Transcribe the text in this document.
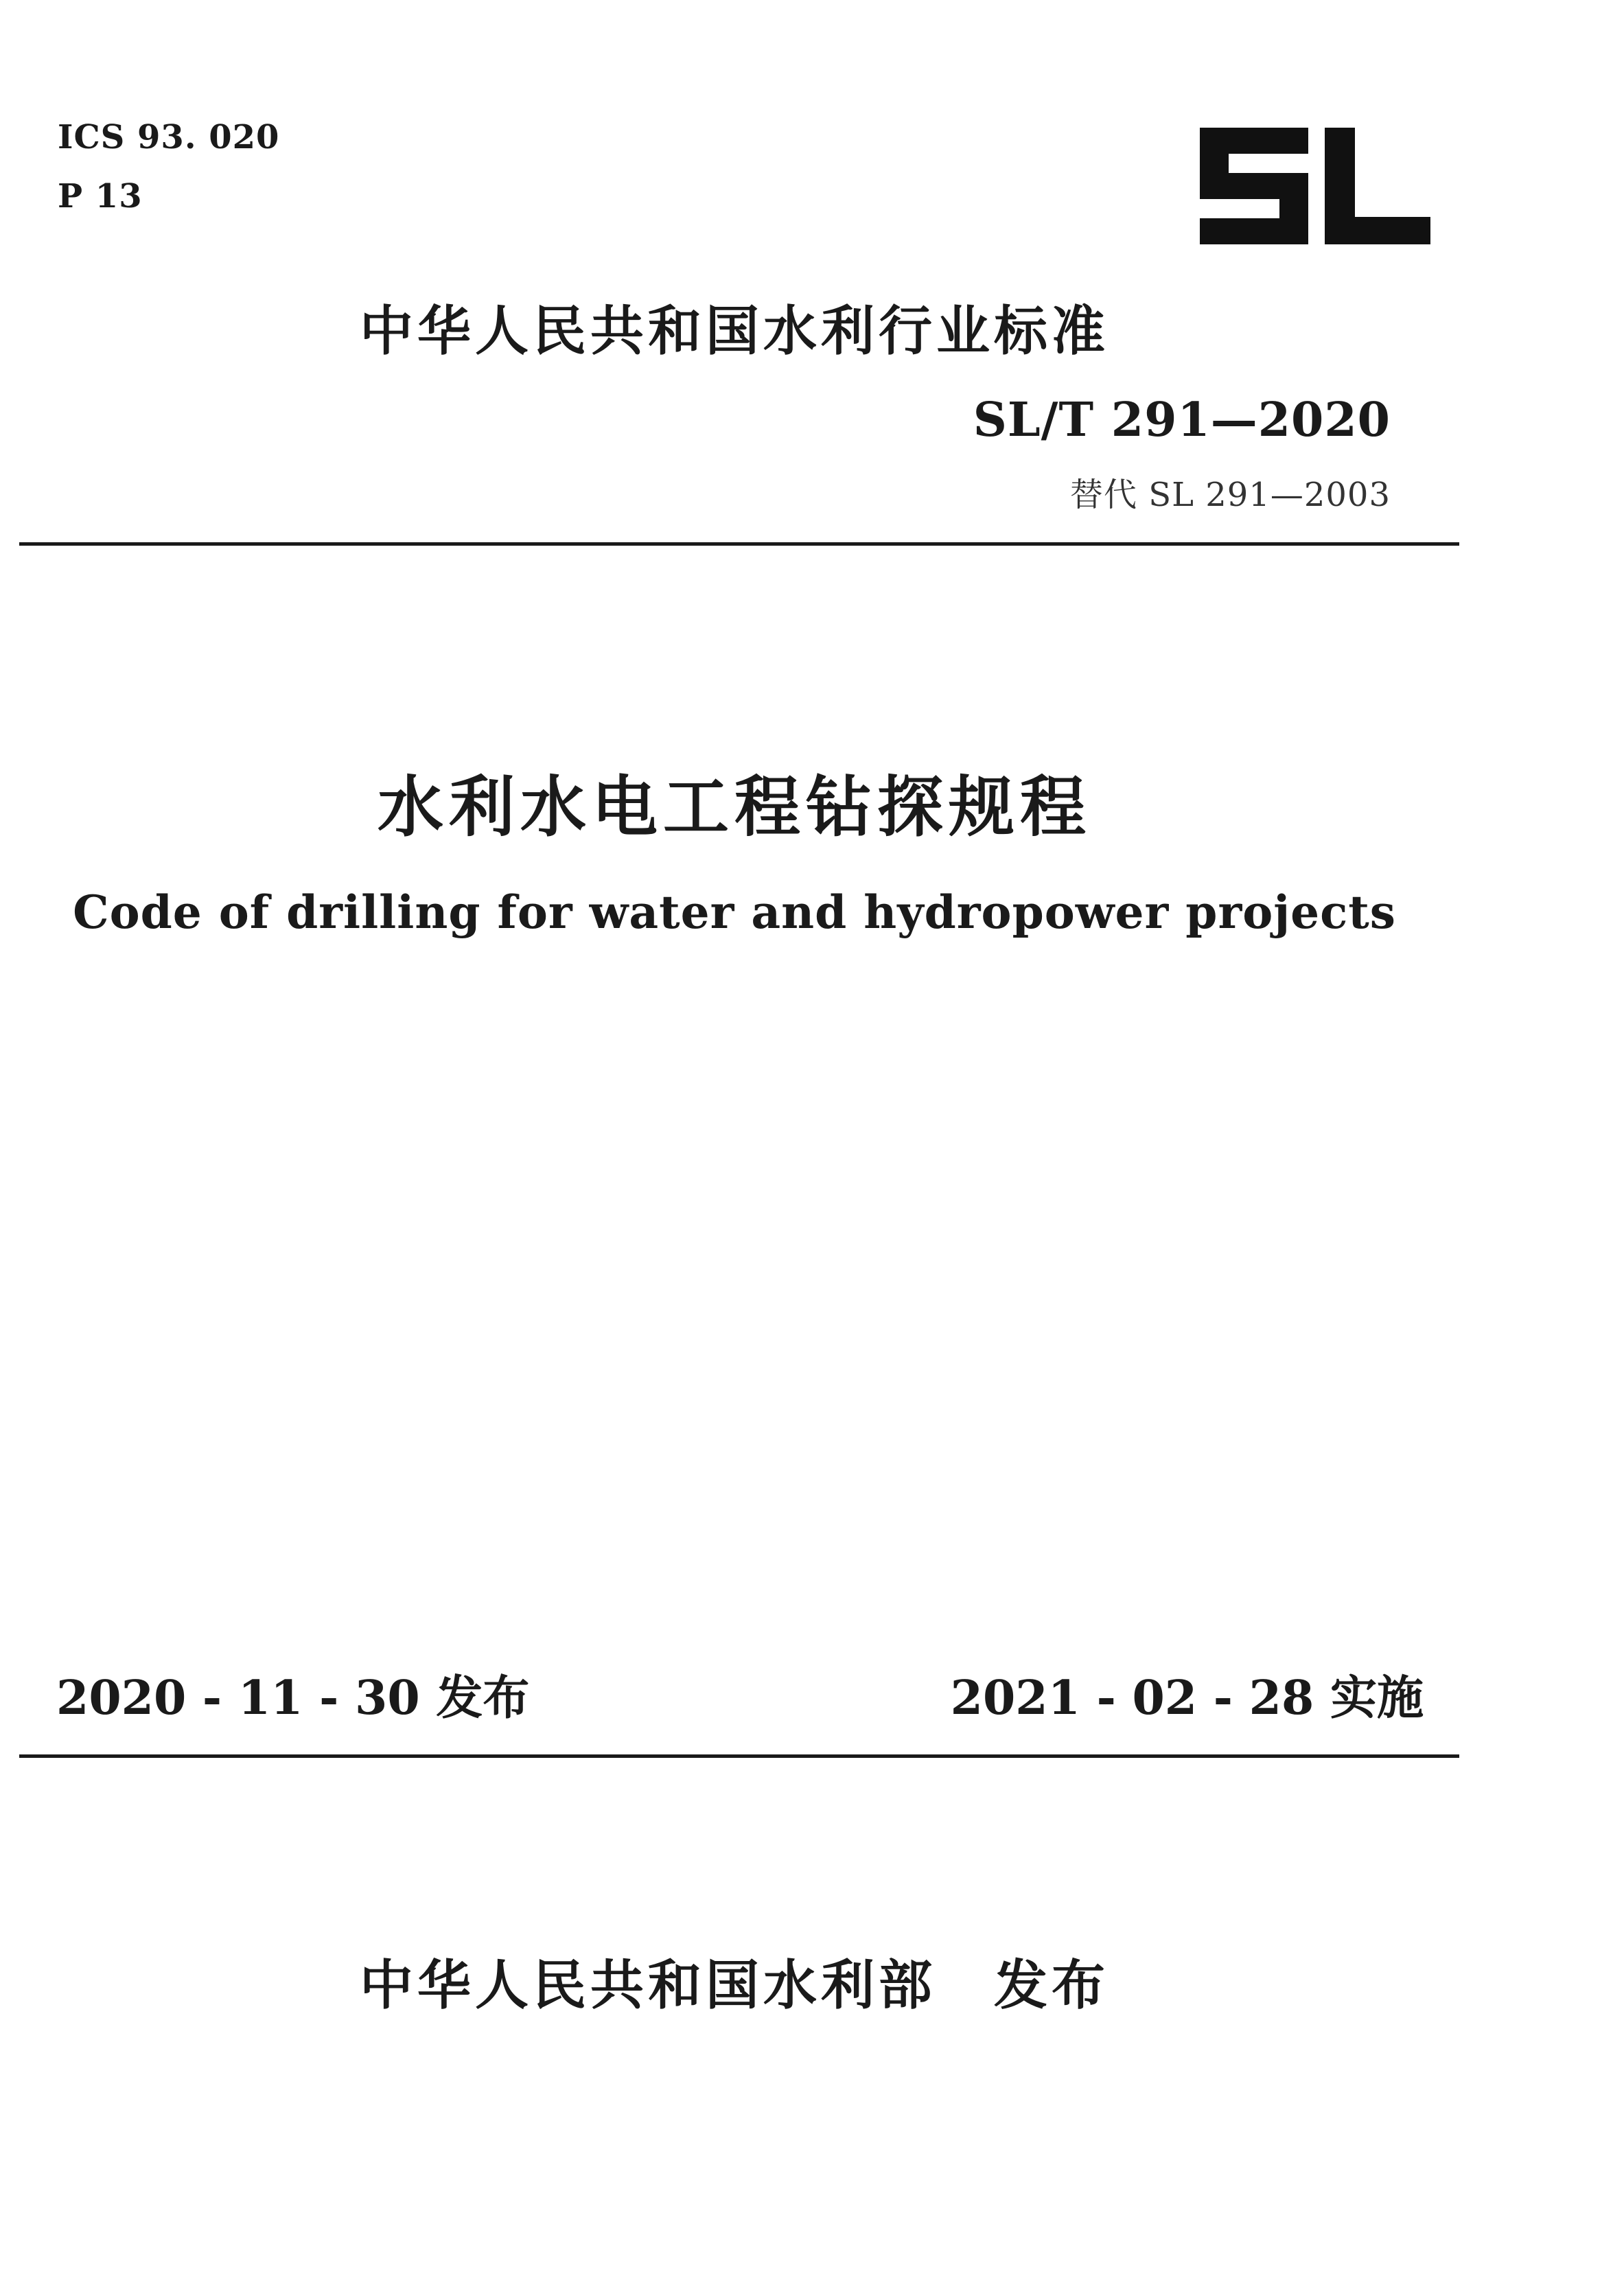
ICS 93. 020
P 13
中华人民共和国水利行业标准
SL/T 291—2020
替代 SL 291—2003
水利水电工程钻探规程
Code of drilling for water and hydropower projects
2020 - 11 - 30 发布	2021 - 02 - 28 实施
中华人民共和国水利部　发布
